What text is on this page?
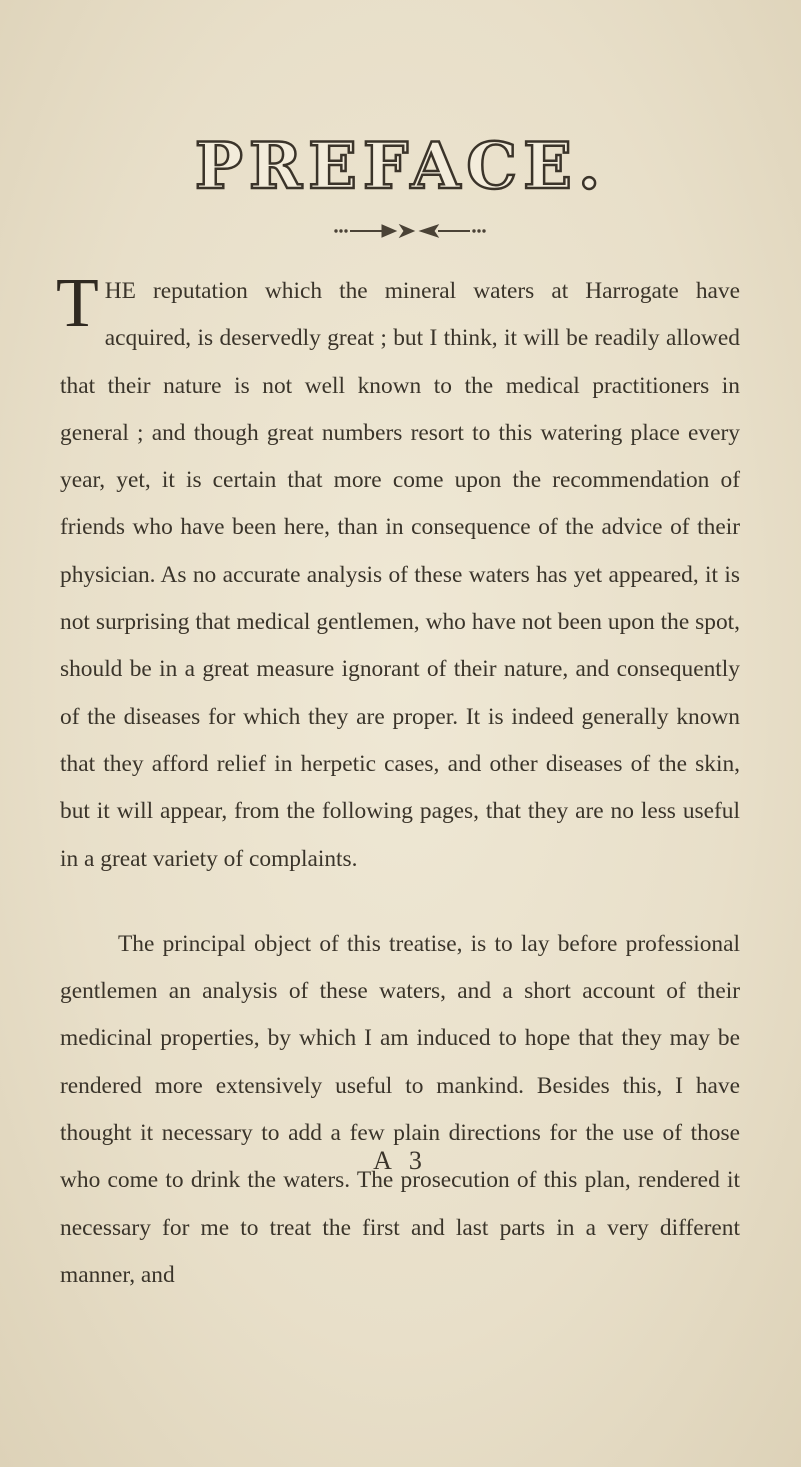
PREFACE.

T HE reputation which the mineral waters at Harrogate have acquired, is deservedly great ; but I think, it will be readily allowed that their nature is not well known to the medical practitioners in general ; and though great numbers resort to this watering place every year, yet, it is certain that more come upon the recommendation of friends who have been here, than in consequence of the advice of their physician. As no accurate analysis of these waters has yet appeared, it is not surprising that medical gentlemen, who have not been upon the spot, should be in a great measure ignorant of their nature, and consequently of the diseases for which they are proper. It is indeed generally known that they afford relief in herpetic cases, and other diseases of the skin, but it will appear, from the following pages, that they are no less useful in a great variety of complaints.

The principal object of this treatise, is to lay before professional gentlemen an analysis of these waters, and a short account of their medicinal properties, by which I am induced to hope that they may be rendered more extensively useful to mankind. Besides this, I have thought it necessary to add a few plain directions for the use of those who come to drink the waters. The prosecution of this plan, rendered it necessary for me to treat the first and last parts in a very different manner, and

A 3
